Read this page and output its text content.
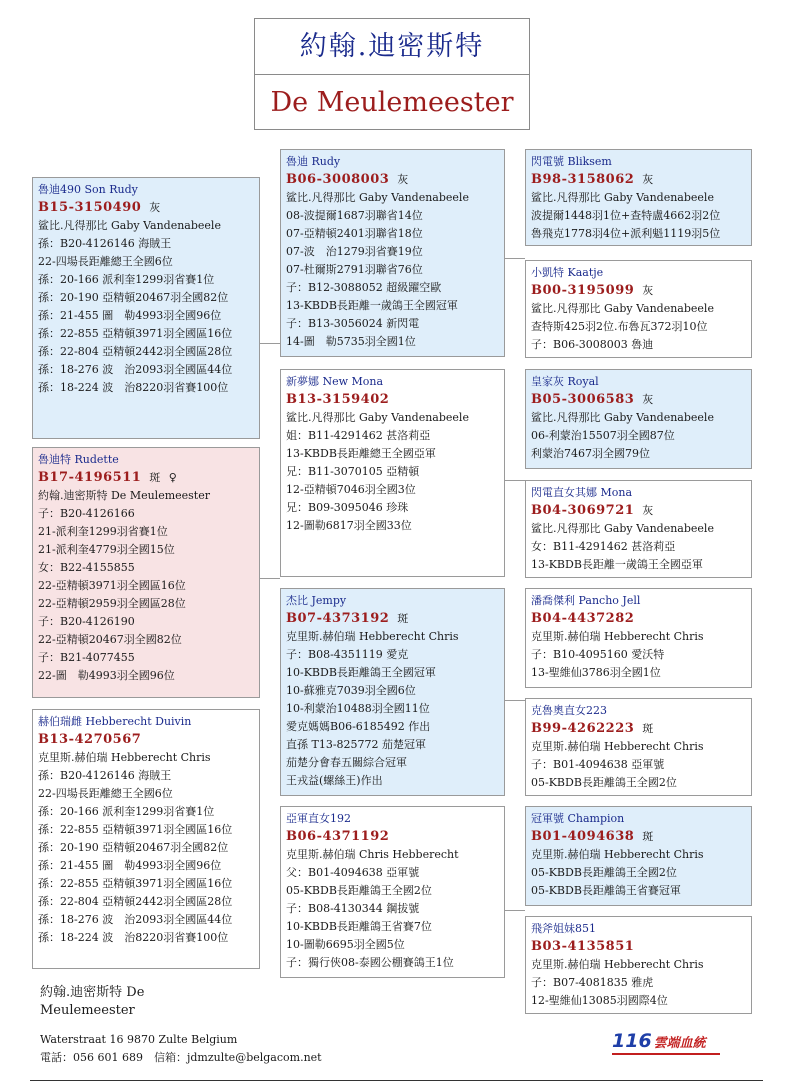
約翰.迪密斯特
De Meulemeester
魯迪490 Son Rudy
B15-3150490 灰
鲨比.凡得那比 Gaby Vandenabeele
孫：B20-4126146 海賊王
22-四場長距離總王全國6位
孫：20-166 派利奎1299羽省賽1位
孫：20-190 亞精頓20467羽全國82位
孫：21-455 圖　勒4993羽全國96位
孫：22-855 亞精頓3971羽全國區16位
孫：22-804 亞精頓2442羽全國區28位
孫：18-276 波　治2093羽全國區44位
孫：18-224 波　治8220羽省賽100位
魯迪特 Rudette
B17-4196511 斑 ♀
約翰.迪密斯特 De Meulemeester
子：B20-4126166
21-派利奎1299羽省賽1位
21-派利奎4779羽全國15位
女：B22-4155855
22-亞精頓3971羽全國區16位
22-亞精頓2959羽全國區28位
子：B20-4126190
22-亞精頓20467羽全國82位
子：B21-4077455
22-圖　勒4993羽全國96位
赫伯瑞雌 Hebberecht Duivin
B13-4270567
克里斯.赫伯瑞 Hebberecht Chris
孫：B20-4126146 海賊王
22-四場長距離總王全國6位
孫：20-166 派利奎1299羽省賽1位
孫：22-855 亞精頓3971羽全國區16位
孫：20-190 亞精頓20467羽全國82位
孫：21-455 圖　勒4993羽全國96位
孫：22-855 亞精頓3971羽全國區16位
孫：22-804 亞精頓2442羽全國區28位
孫：18-276 波　治2093羽全國區44位
孫：18-224 波　治8220羽省賽100位
魯迪 Rudy
B06-3008003 灰
鲨比.凡得那比 Gaby Vandenabeele
08-波提爾1687羽聯省14位
07-亞精頓2401羽聯省18位
07-波　治1279羽省賽19位
07-杜爾斯2791羽聯省76位
子：B12-3088052 超級躍空歐
13-KBDB長距離一歲鴿王全國冠軍
子：B13-3056024 新閃電
14-圖　勒5735羽全國1位
新夢娜 New Mona
B13-3159402
鲨比.凡得那比 Gaby Vandenabeele
姐：B11-4291462 甚洛莉亞
13-KBDB長距離總王全國亞軍
兄：B11-3070105 亞精頓
12-亞精頓7046羽全國3位
兄：B09-3095046 珍珠
12-圖勒6817羽全國33位
杰比 Jempy
B07-4373192 斑
克里斯.赫伯瑞 Hebberecht Chris
子：B08-4351119 愛克
10-KBDB長距離鴿王全國冠軍
10-蘇雅克7039羽全國6位
10-利蒙治10488羽全國11位
愛克媽媽B06-6185492 作出
直孫 T13-825772 茄楚冠軍
茄楚分會春五關綜合冠軍
王戎益(螺絲王)作出
亞軍直女192
B06-4371192
克里斯.赫伯瑞 Chris Hebberecht
父：B01-4094638 亞軍號
05-KBDB長距離鴿王全國2位
子：B08-4130344 鋼拔號
10-KBDB長距離鴿王省賽7位
10-圖勒6695羽全國5位
子：獨行俠08-泰國公棚賽鴿王1位
閃電號 Bliksem
B98-3158062 灰
鲨比.凡得那比 Gaby Vandenabeele
波提爾1448羽1位+查特盧4662羽2位
魯飛克1778羽4位+派利魁1119羽5位
小凱特 Kaatje
B00-3195099 灰
鲨比.凡得那比 Gaby Vandenabeele
查特斯425羽2位.布魯瓦372羽10位
子：B06-3008003 魯迪
皇家灰 Royal
B05-3006583 灰
鲨比.凡得那比 Gaby Vandenabeele
06-利蒙治15507羽全國87位
利蒙治7467羽全國79位
閃電直女其娜 Mona
B04-3069721 灰
鲨比.凡得那比 Gaby Vandenabeele
女：B11-4291462 甚洛莉亞
13-KBDB長距離一歲鴿王全國亞軍
潘喬傑利 Pancho Jell
B04-4437282
克里斯.赫伯瑞 Hebberecht Chris
子：B10-4095160 愛沃特
13-聖維仙3786羽全國1位
克魯奧直女223
B99-4262223 斑
克里斯.赫伯瑞 Hebberecht Chris
子：B01-4094638 亞軍號
05-KBDB長距離鴿王全國2位
冠軍號 Champion
B01-4094638 斑
克里斯.赫伯瑞 Hebberecht Chris
05-KBDB長距離鴿王全國2位
05-KBDB長距離鴿王省賽冠軍
飛斧姐妹851
B03-4135851
克里斯.赫伯瑞 Hebberecht Chris
子：B07-4081835 雅虎
12-聖維仙13085羽國際4位
約翰.迪密斯特 De
Meulemeester
Waterstraat 16 9870 Zulte Belgium
電話：056 601 689　信箱：jdmzulte@belgacom.net
116 雲端血統
